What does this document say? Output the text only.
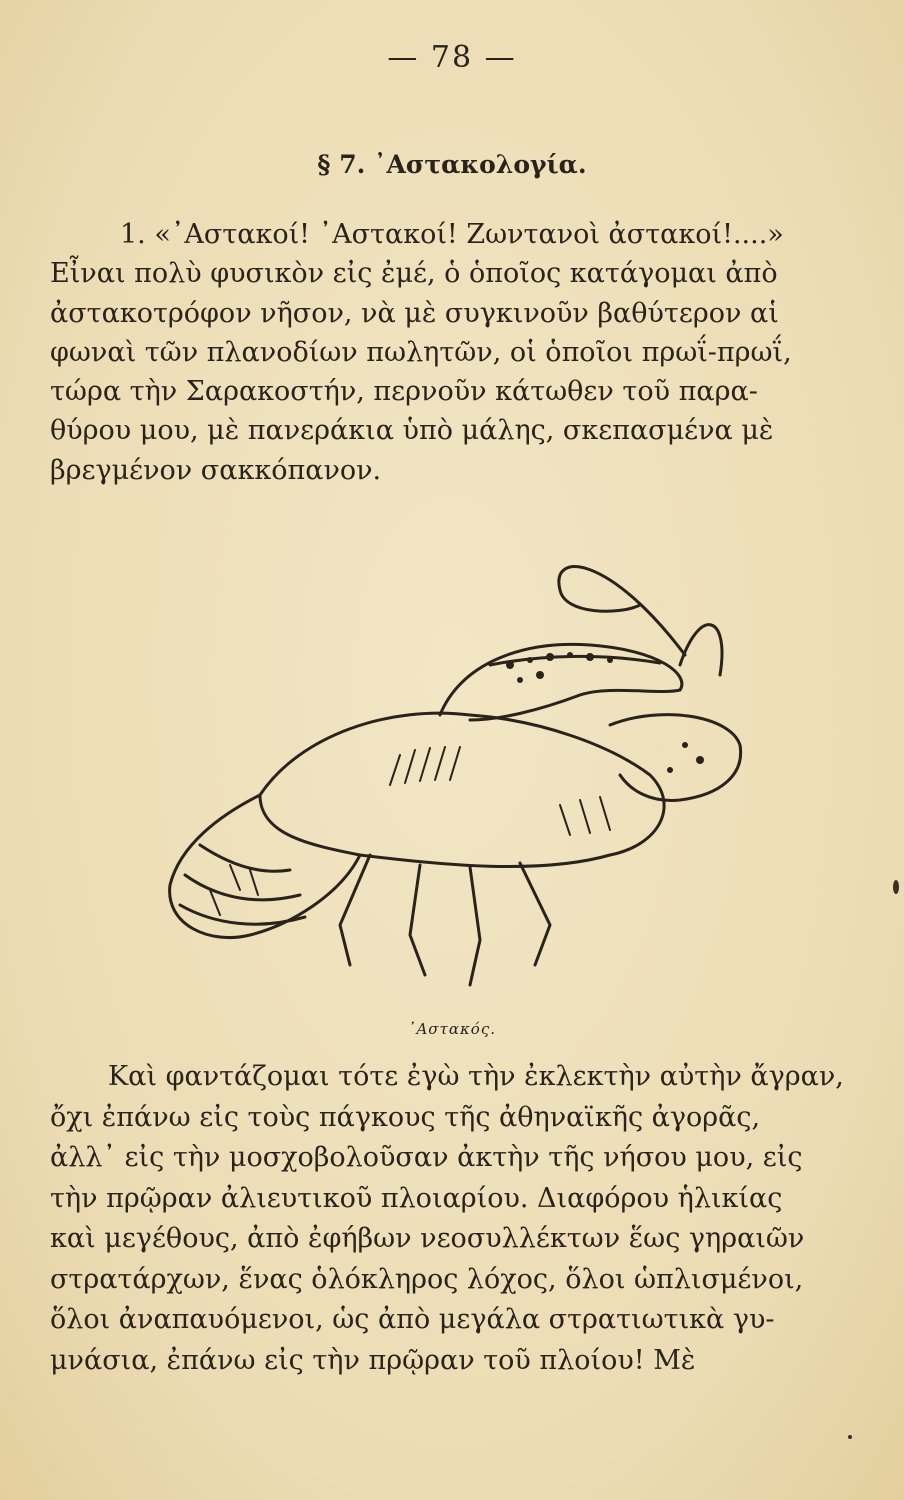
— 78 —
§ 7. ᾿Αστακολογία.
1. «᾿Αστακοί! ᾿Αστακοί! Ζωντανοὶ ἀστακοί!....»
Εἶναι πολὺ φυσικὸν εἰς ἐμέ, ὁ ὁποῖος κατάγομαι ἀπὸ
ἀστακοτρόφον νῆσον, νὰ μὲ συγκινοῦν βαθύτερον αἱ
φωναὶ τῶν πλανοδίων πωλητῶν, οἱ ὁποῖοι πρωΐ-πρωΐ,
τώρα τὴν Σαρακοστήν, περνοῦν κάτωθεν τοῦ παρα-
θύρου μου, μὲ πανεράκια ὑπὸ μάλης, σκεπασμένα μὲ
βρεγμένον σακκόπανον.
᾿Αστακός.
Καὶ φαντάζομαι τότε ἐγὼ τὴν ἐκλεκτὴν αὐτὴν ἄγραν,
ὄχι ἐπάνω εἰς τοὺς πάγκους τῆς ἀθηναϊκῆς ἀγορᾶς,
ἀλλ᾿ εἰς τὴν μοσχοβολοῦσαν ἀκτὴν τῆς νήσου μου, εἰς
τὴν πρῷραν ἀλιευτικοῦ πλοιαρίου. Διαφόρου ἡλικίας
καὶ μεγέθους, ἀπὸ ἐφήβων νεοσυλλέκτων ἕως γηραιῶν
στρατάρχων, ἕνας ὁλόκληρος λόχος, ὅλοι ὡπλισμένοι,
ὅλοι ἀναπαυόμενοι, ὡς ἀπὸ μεγάλα στρατιωτικὰ γυ-
μνάσια, ἐπάνω εἰς τὴν πρῷραν τοῦ πλοίου! Μὲ
